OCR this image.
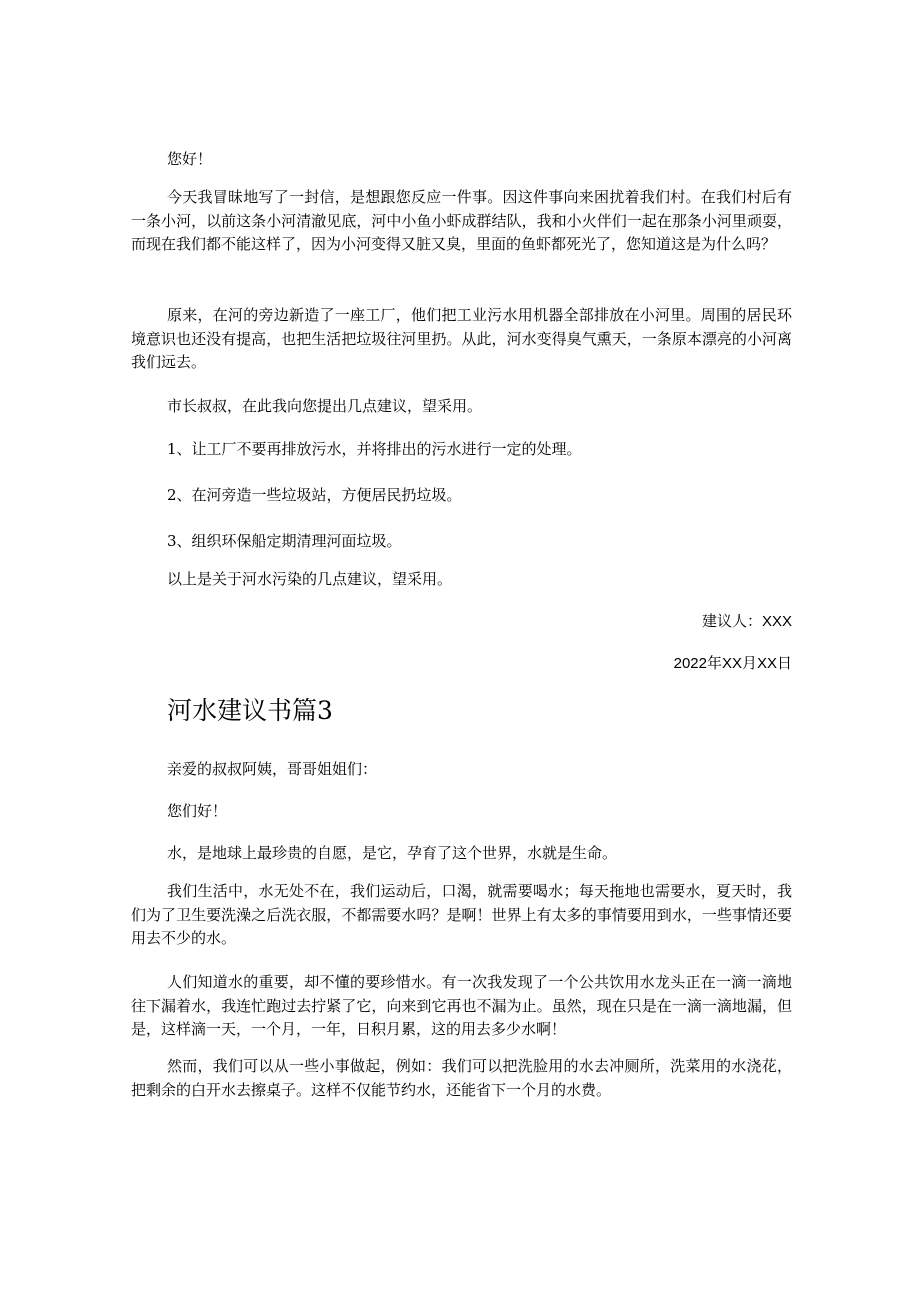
您好！

今天我冒昧地写了一封信，是想跟您反应一件事。因这件事向来困扰着我们村。在我们村后有一条小河，以前这条小河清澈见底，河中小鱼小虾成群结队，我和小火伴们一起在那条小河里顽耍，而现在我们都不能这样了，因为小河变得又脏又臭，里面的鱼虾都死光了，您知道这是为什么吗？

原来，在河的旁边新造了一座工厂，他们把工业污水用机器全部排放在小河里。周围的居民环境意识也还没有提高，也把生活把垃圾往河里扔。从此，河水变得臭气熏天，一条原本漂亮的小河离我们远去。

市长叔叔，在此我向您提出几点建议，望采用。

1、让工厂不要再排放污水，并将排出的污水进行一定的处理。

2、在河旁造一些垃圾站，方便居民扔垃圾。

3、组织环保船定期清理河面垃圾。

以上是关于河水污染的几点建议，望采用。

建议人：XXX

2022年XX月XX日

河水建议书篇3

亲爱的叔叔阿姨，哥哥姐姐们：

您们好！

水，是地球上最珍贵的自愿，是它，孕育了这个世界，水就是生命。

我们生活中，水无处不在，我们运动后，口渴，就需要喝水；每天拖地也需要水，夏天时，我们为了卫生要洗澡之后洗衣服，不都需要水吗？是啊！世界上有太多的事情要用到水，一些事情还要用去不少的水。

人们知道水的重要，却不懂的要珍惜水。有一次我发现了一个公共饮用水龙头正在一滴一滴地往下漏着水，我连忙跑过去拧紧了它，向来到它再也不漏为止。虽然，现在只是在一滴一滴地漏，但是，这样滴一天，一个月，一年，日积月累，这的用去多少水啊！

然而，我们可以从一些小事做起，例如：我们可以把洗脸用的水去冲厕所，洗菜用的水浇花，把剩余的白开水去擦桌子。这样不仅能节约水，还能省下一个月的水费。
